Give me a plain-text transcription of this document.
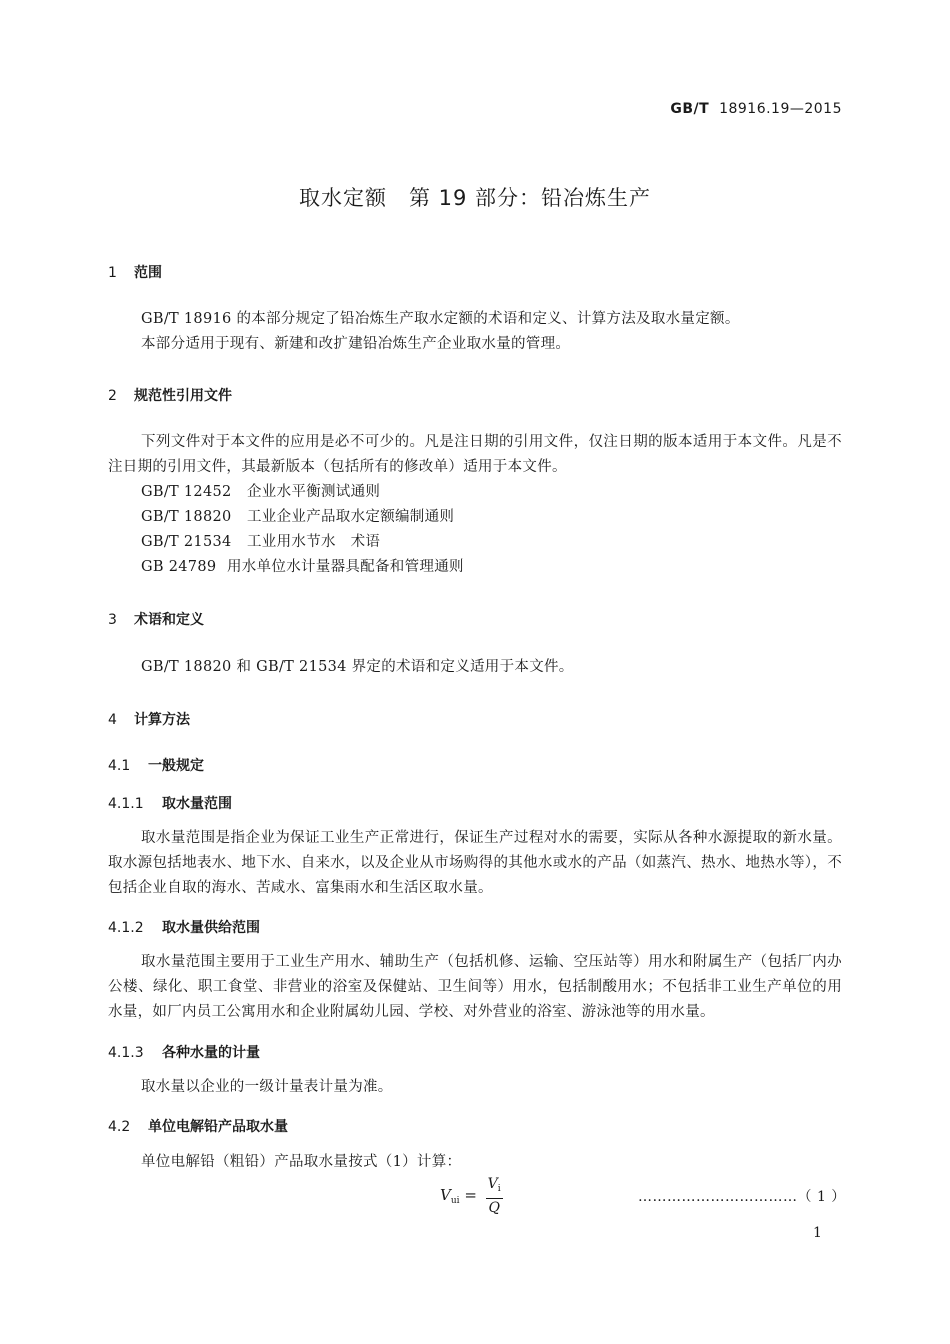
GB/T 18916.19—2015
取水定额　第 19 部分：铅冶炼生产
1 范围
GB/T 18916 的本部分规定了铅冶炼生产取水定额的术语和定义、计算方法及取水量定额。
本部分适用于现有、新建和改扩建铅冶炼生产企业取水量的管理。
2 规范性引用文件
下列文件对于本文件的应用是必不可少的。凡是注日期的引用文件，仅注日期的版本适用于本文件。凡是不注日期的引用文件，其最新版本（包括所有的修改单）适用于本文件。
GB/T 12452 企业水平衡测试通则
GB/T 18820 工业企业产品取水定额编制通则
GB/T 21534 工业用水节水　术语
GB 24789 用水单位水计量器具配备和管理通则
3 术语和定义
GB/T 18820 和 GB/T 21534 界定的术语和定义适用于本文件。
4 计算方法
4.1 一般规定
4.1.1 取水量范围
取水量范围是指企业为保证工业生产正常进行，保证生产过程对水的需要，实际从各种水源提取的新水量。取水源包括地表水、地下水、自来水，以及企业从市场购得的其他水或水的产品（如蒸汽、热水、地热水等），不包括企业自取的海水、苦咸水、富集雨水和生活区取水量。
4.1.2 取水量供给范围
取水量范围主要用于工业生产用水、辅助生产（包括机修、运输、空压站等）用水和附属生产（包括厂内办公楼、绿化、职工食堂、非营业的浴室及保健站、卫生间等）用水，包括制酸用水；不包括非工业生产单位的用水量，如厂内员工公寓用水和企业附属幼儿园、学校、对外营业的浴室、游泳池等的用水量。
4.1.3 各种水量的计量
取水量以企业的一级计量表计量为准。
4.2 单位电解铅产品取水量
单位电解铅（粗铅）产品取水量按式（1）计算：
$V_{ui} = \frac{V_i}{Q}$	……………………………（ 1 ）
1
